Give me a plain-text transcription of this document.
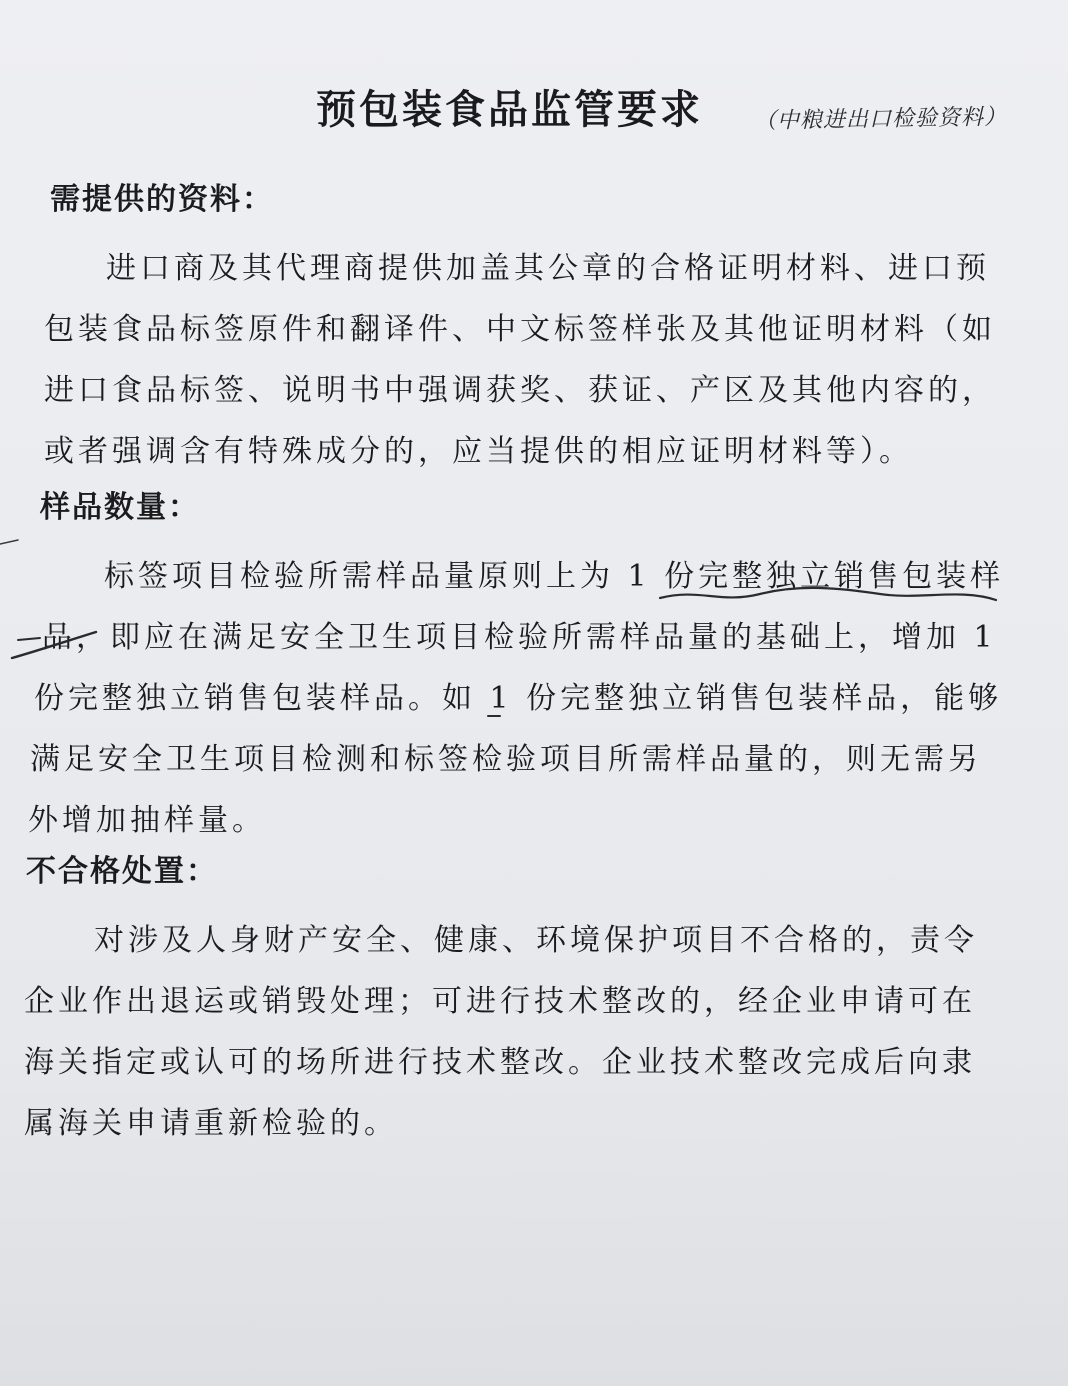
预包装食品监管要求 （中粮进出口检验资料）
需提供的资料：
进口商及其代理商提供加盖其公章的合格证明材料、进口预
包装食品标签原件和翻译件、中文标签样张及其他证明材料（如
进口食品标签、说明书中强调获奖、获证、产区及其他内容的，
或者强调含有特殊成分的，应当提供的相应证明材料等）。
样品数量：
标签项目检验所需样品量原则上为 1 份完整独立销售包装样
品，即应在满足安全卫生项目检验所需样品量的基础上，增加 1
份完整独立销售包装样品。如 1 份完整独立销售包装样品，能够
满足安全卫生项目检测和标签检验项目所需样品量的，则无需另
外增加抽样量。
不合格处置：
对涉及人身财产安全、健康、环境保护项目不合格的，责令
企业作出退运或销毁处理；可进行技术整改的，经企业申请可在
海关指定或认可的场所进行技术整改。企业技术整改完成后向隶
属海关申请重新检验的。
